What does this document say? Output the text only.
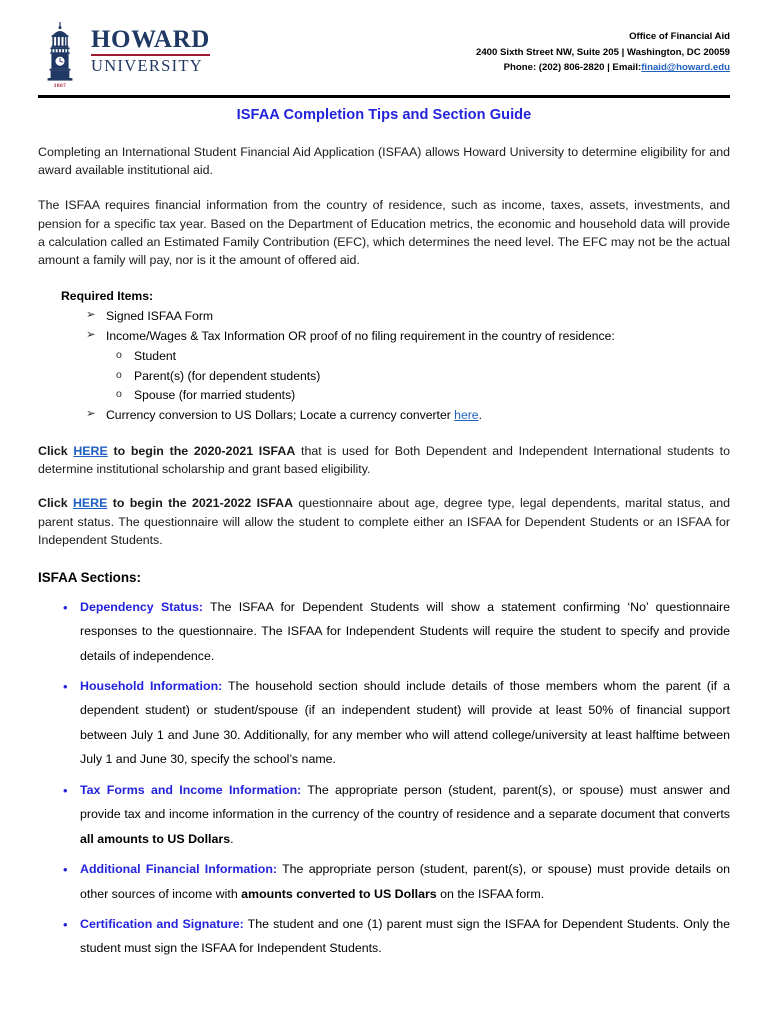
1867
HOWARD
UNIVERSITY
Office of Financial Aid
2400 Sixth Street NW, Suite 205 | Washington, DC 20059
Phone: (202) 806-2820 | Email:finaid@howard.edu
ISFAA Completion Tips and Section Guide

Completing an International Student Financial Aid Application (ISFAA) allows Howard University to determine eligibility for and award available institutional aid.

The ISFAA requires financial information from the country of residence, such as income, taxes, assets, investments, and pension for a specific tax year. Based on the Department of Education metrics, the economic and household data will provide a calculation called an Estimated Family Contribution (EFC), which determines the need level. The EFC may not be the actual amount a family will pay, nor is it the amount of offered aid.

Required Items:
➢ Signed ISFAA Form
➢ Income/Wages & Tax Information OR proof of no filing requirement in the country of residence:
o Student
o Parent(s) (for dependent students)
o Spouse (for married students)
➢ Currency conversion to US Dollars; Locate a currency converter here.

Click HERE to begin the 2020-2021 ISFAA that is used for Both Dependent and Independent International students to determine institutional scholarship and grant based eligibility.

Click HERE to begin the 2021-2022 ISFAA questionnaire about age, degree type, legal dependents, marital status, and parent status. The questionnaire will allow the student to complete either an ISFAA for Dependent Students or an ISFAA for Independent Students.

ISFAA Sections:
• Dependency Status: The ISFAA for Dependent Students will show a statement confirming ‘No’ questionnaire responses to the questionnaire. The ISFAA for Independent Students will require the student to specify and provide details of independence.
• Household Information: The household section should include details of those members whom the parent (if a dependent student) or student/spouse (if an independent student) will provide at least 50% of financial support between July 1 and June 30. Additionally, for any member who will attend college/university at least halftime between July 1 and June 30, specify the school’s name.
• Tax Forms and Income Information: The appropriate person (student, parent(s), or spouse) must answer and provide tax and income information in the currency of the country of residence and a separate document that converts all amounts to US Dollars.
• Additional Financial Information: The appropriate person (student, parent(s), or spouse) must provide details on other sources of income with amounts converted to US Dollars on the ISFAA form.
• Certification and Signature: The student and one (1) parent must sign the ISFAA for Dependent Students. Only the student must sign the ISFAA for Independent Students.
